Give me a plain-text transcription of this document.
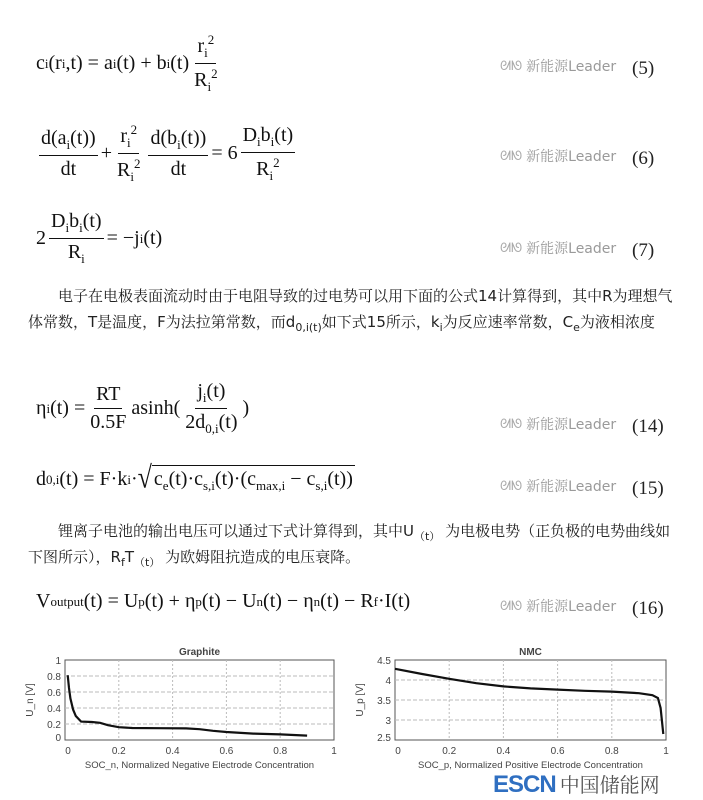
c i (r i ,t) = a i (t) + b i $(t) \frac{r_i^2}{R_i^2}$
$\frac{d(a_i(t))}{dt} + \frac{r_i^2}{R_i^2} \frac{d(b_i(t))}{dt} = 6 \frac{D_ib_i(t)}{R_i^2}$
$2 \frac{D_ib_i(t)}{R_i} = -j$ i (t)
η i $(t) = \frac{RT}{0.5F} asinh( \frac{j_i(t)}{2d_{0,i}(t)}$ )
d 0,i (t) = F·k i · √ $c_e(t)\cdot c_{s,i}(t)\cdot(c_{max,i} - c_{s,i}(t))$
V output (t) = U p (t) + η p (t) − U n (t) − η n (t) − R f ·I(t)
电子在电极表面流动时由于电阻导致的过电势可以用下面的公式14计算得到，其中R为理想气体常数，T是温度，F为法拉第常数，而$d_{0,i(t)}$如下式15所示，$k_i$为反应速率常数，$C_e$为液相浓度
锂离子电池的输出电压可以通过下式计算得到，其中$U_{(t)}$ 为电极电势（正负极的电势曲线如下图所示），$R_fT_{(t)}$ 为欧姆阻抗造成的电压衰降。
0	0.2	0.4	0.6	0.8	1
0
0.2
0.4
0.6
0.8
1
Graphite
SOC_n, Normalized Negative Electrode Concentration
U_n [V]
0	0.2	0.4	0.6	0.8	1
2.5
3
3.5
4
4.5
NMC
SOC_p, Normalized Positive Electrode Concentration
U_p [V]
ESCN 中国储能网
ᘛᘚ 新能源Leader (5)
ᘛᘚ 新能源Leader (6)
ᘛᘚ 新能源Leader (7)
ᘛᘚ 新能源Leader (14)
ᘛᘚ 新能源Leader (15)
ᘛᘚ 新能源Leader (16)
